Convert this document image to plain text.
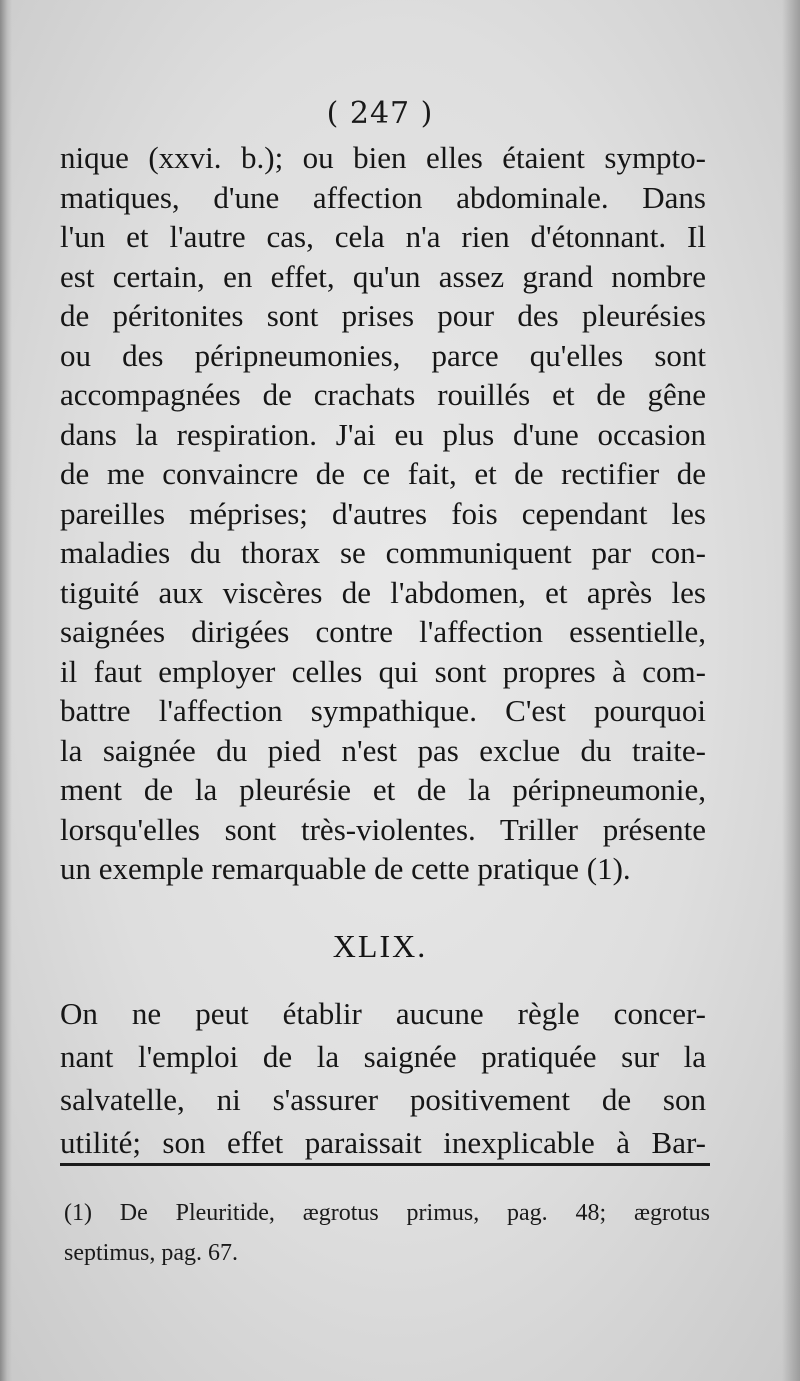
( 247 )
nique (xxvi. b.); ou bien elles étaient sympto-
matiques, d'une affection abdominale. Dans
l'un et l'autre cas, cela n'a rien d'étonnant. Il
est certain, en effet, qu'un assez grand nombre
de péritonites sont prises pour des pleurésies
ou des péripneumonies, parce qu'elles sont
accompagnées de crachats rouillés et de gêne
dans la respiration. J'ai eu plus d'une occasion
de me convaincre de ce fait, et de rectifier de
pareilles méprises; d'autres fois cependant les
maladies du thorax se communiquent par con-
tiguité aux viscères de l'abdomen, et après les
saignées dirigées contre l'affection essentielle,
il faut employer celles qui sont propres à com-
battre l'affection sympathique. C'est pourquoi
la saignée du pied n'est pas exclue du traite-
ment de la pleurésie et de la péripneumonie,
lorsqu'elles sont très-violentes. Triller présente
un exemple remarquable de cette pratique (1).
XLIX.
On ne peut établir aucune règle concer-
nant l'emploi de la saignée pratiquée sur la
salvatelle, ni s'assurer positivement de son
utilité; son effet paraissait inexplicable à Bar-
(1) De Pleuritide, ægrotus primus, pag. 48; ægrotus
septimus, pag. 67.
